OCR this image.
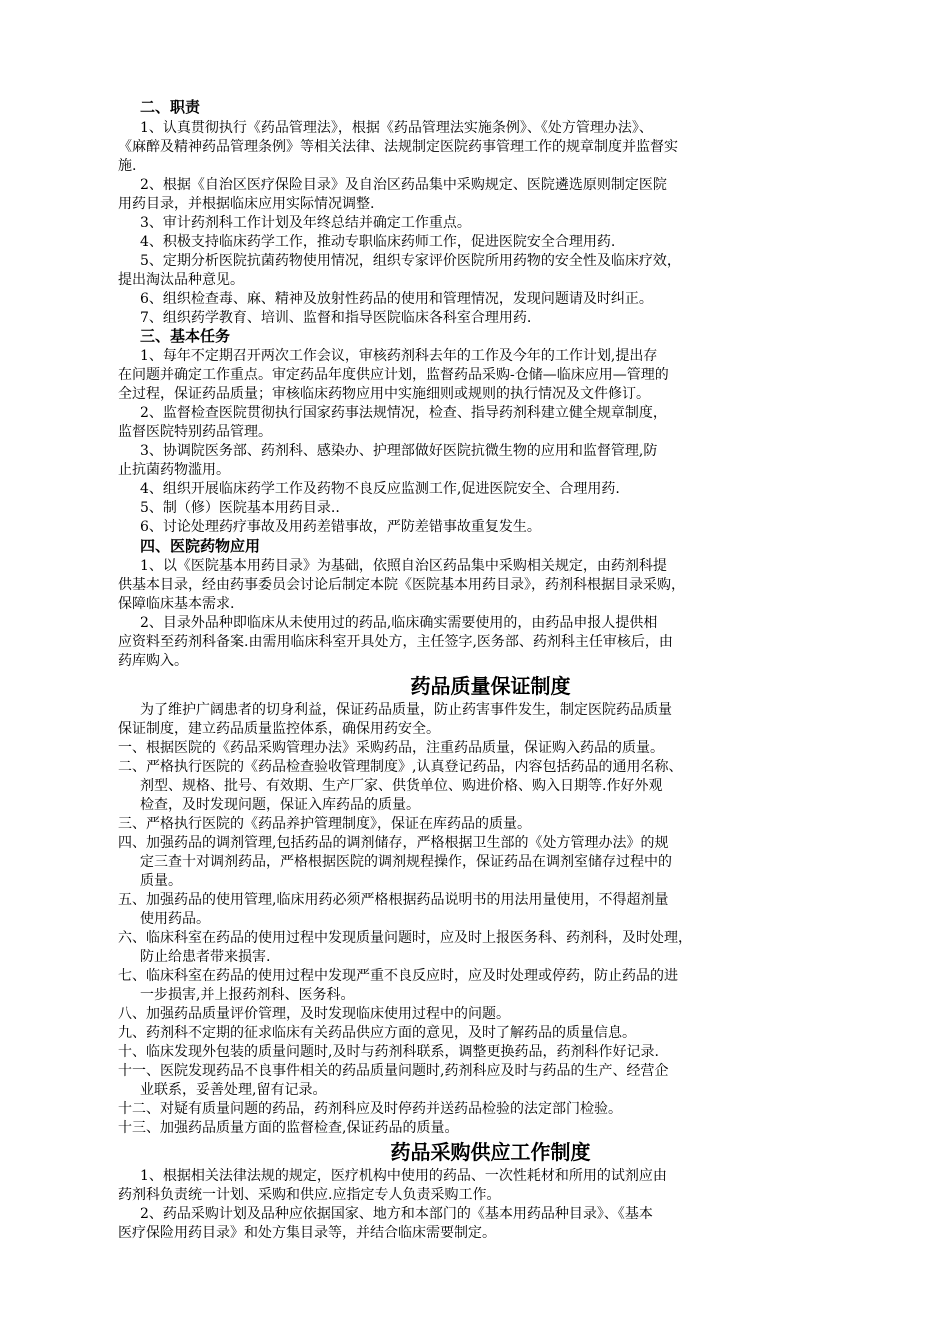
二、职责
1、认真贯彻执行《药品管理法》，根据《药品管理法实施条例》、《处方管理办法》、
《麻醉及精神药品管理条例》等相关法律、法规制定医院药事管理工作的规章制度并监督实
施.
2、根据《自治区医疗保险目录》及自治区药品集中采购规定、医院遴选原则制定医院
用药目录，并根据临床应用实际情况调整.
3、审计药剂科工作计划及年终总结并确定工作重点。
4、积极支持临床药学工作，推动专职临床药师工作，促进医院安全合理用药.
5、定期分析医院抗菌药物使用情况，组织专家评价医院所用药物的安全性及临床疗效，
提出淘汰品种意见。
6、组织检查毒、麻、精神及放射性药品的使用和管理情况，发现问题请及时纠正。
7、组织药学教育、培训、监督和指导医院临床各科室合理用药.
三、基本任务
1、每年不定期召开两次工作会议，审核药剂科去年的工作及今年的工作计划,提出存
在问题并确定工作重点。审定药品年度供应计划，监督药品采购-仓储—临床应用—管理的
全过程，保证药品质量；审核临床药物应用中实施细则或规则的执行情况及文件修订。
2、监督检查医院贯彻执行国家药事法规情况，检查、指导药剂科建立健全规章制度，
监督医院特别药品管理。
3、协调院医务部、药剂科、感染办、护理部做好医院抗微生物的应用和监督管理,防
止抗菌药物滥用。
4、组织开展临床药学工作及药物不良反应监测工作,促进医院安全、合理用药.
5、制（修）医院基本用药目录..
6、讨论处理药疗事故及用药差错事故，严防差错事故重复发生。
四、医院药物应用
1、以《医院基本用药目录》为基础，依照自治区药品集中采购相关规定，由药剂科提
供基本目录，经由药事委员会讨论后制定本院《医院基本用药目录》，药剂科根据目录采购，
保障临床基本需求.
2、目录外品种即临床从未使用过的药品,临床确实需要使用的，由药品申报人提供相
应资料至药剂科备案.由需用临床科室开具处方，主任签字,医务部、药剂科主任审核后，由
药库购入。
药品质量保证制度
为了维护广阔患者的切身利益，保证药品质量，防止药害事件发生，制定医院药品质量
保证制度，建立药品质量监控体系，确保用药安全。
一、根据医院的《药品采购管理办法》采购药品，注重药品质量，保证购入药品的质量。
二、严格执行医院的《药品检查验收管理制度》,认真登记药品，内容包括药品的通用名称、
剂型、规格、批号、有效期、生产厂家、供货单位、购进价格、购入日期等.作好外观
检查，及时发现问题，保证入库药品的质量。
三、严格执行医院的《药品养护管理制度》，保证在库药品的质量。
四、加强药品的调剂管理,包括药品的调剂储存，严格根据卫生部的《处方管理办法》的规
定三查十对调剂药品，严格根据医院的调剂规程操作，保证药品在调剂室储存过程中的
质量。
五、加强药品的使用管理,临床用药必须严格根据药品说明书的用法用量使用，不得超剂量
使用药品。
六、临床科室在药品的使用过程中发现质量问题时，应及时上报医务科、药剂科，及时处理，
防止给患者带来损害.
七、临床科室在药品的使用过程中发现严重不良反应时，应及时处理或停药，防止药品的进
一步损害,并上报药剂科、医务科。
八、加强药品质量评价管理，及时发现临床使用过程中的问题。
九、药剂科不定期的征求临床有关药品供应方面的意见，及时了解药品的质量信息。
十、临床发现外包装的质量问题时,及时与药剂科联系，调整更换药品，药剂科作好记录.
十一、医院发现药品不良事件相关的药品质量问题时,药剂科应及时与药品的生产、经营企
业联系，妥善处理,留有记录。
十二、对疑有质量问题的药品，药剂科应及时停药并送药品检验的法定部门检验。
十三、加强药品质量方面的监督检查,保证药品的质量。
药品采购供应工作制度
1、根据相关法律法规的规定，医疗机构中使用的药品、一次性耗材和所用的试剂应由
药剂科负责统一计划、采购和供应.应指定专人负责采购工作。
2、药品采购计划及品种应依据国家、地方和本部门的《基本用药品种目录》、《基本
医疗保险用药目录》和处方集目录等，并结合临床需要制定。
